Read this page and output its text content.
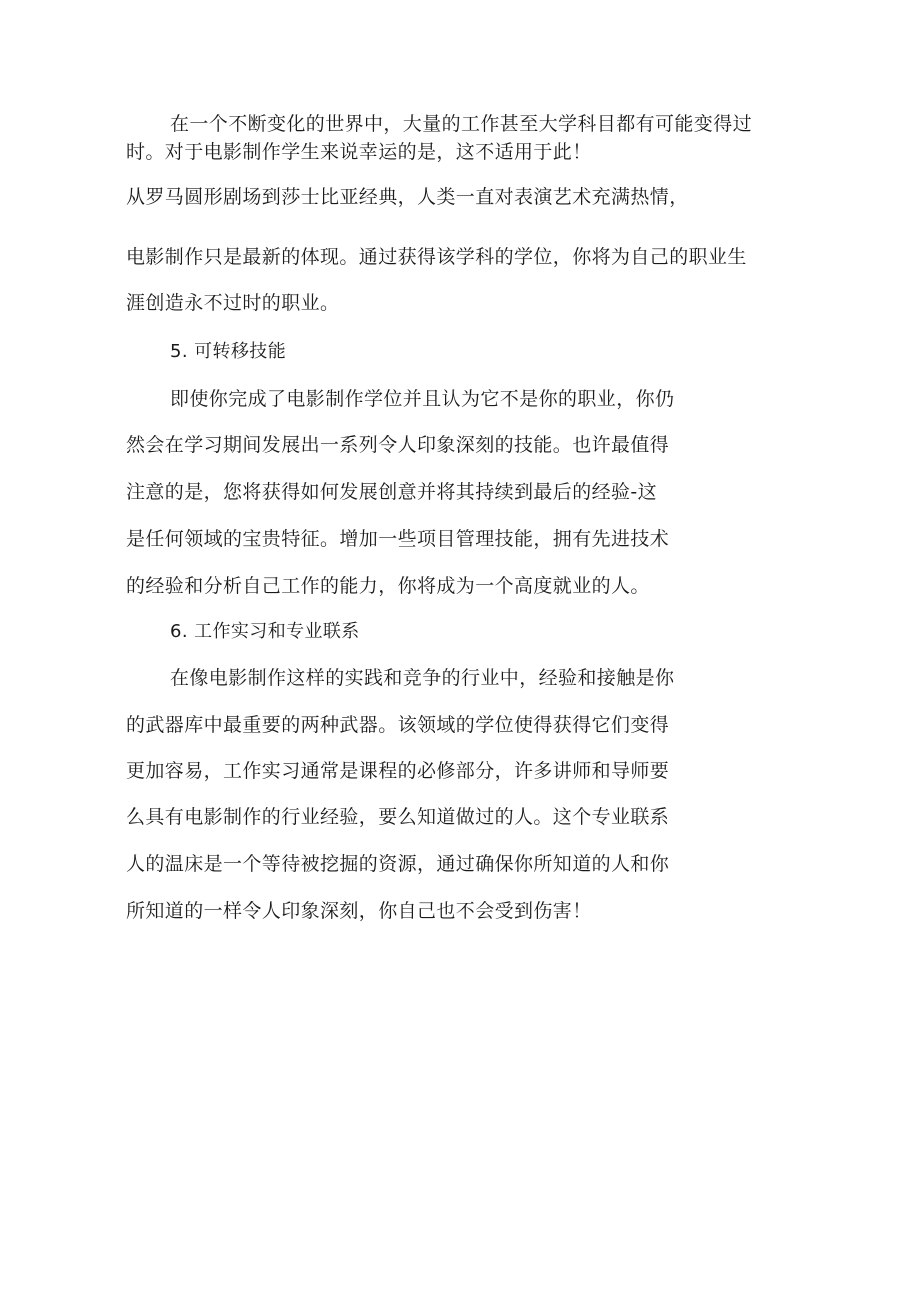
在一个不断变化的世界中，大量的工作甚至大学科目都有可能变得过
时。对于电影制作学生来说幸运的是，这不适用于此！
从罗马圆形剧场到莎士比亚经典，人类一直对表演艺术充满热情，
电影制作只是最新的体现。通过获得该学科的学位，你将为自己的职业生
涯创造永不过时的职业。
5. 可转移技能
即使你完成了电影制作学位并且认为它不是你的职业，你仍
然会在学习期间发展出一系列令人印象深刻的技能。也许最值得
注意的是，您将获得如何发展创意并将其持续到最后的经验-这
是任何领域的宝贵特征。增加一些项目管理技能，拥有先进技术
的经验和分析自己工作的能力，你将成为一个高度就业的人。
6. 工作实习和专业联系
在像电影制作这样的实践和竞争的行业中，经验和接触是你
的武器库中最重要的两种武器。该领域的学位使得获得它们变得
更加容易，工作实习通常是课程的必修部分，许多讲师和导师要
么具有电影制作的行业经验，要么知道做过的人。这个专业联系
人的温床是一个等待被挖掘的资源，通过确保你所知道的人和你
所知道的一样令人印象深刻，你自己也不会受到伤害！
